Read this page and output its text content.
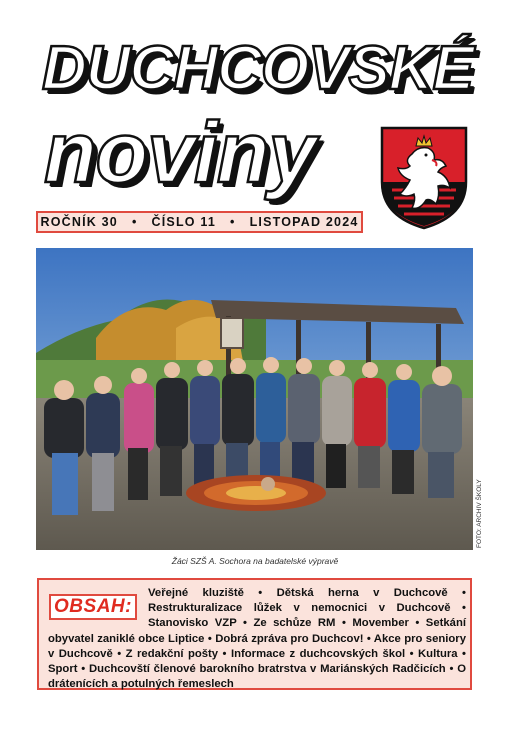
DUCHCOVSKÉ
noviny
ROČNÍK 30 • ČÍSLO 11 • LISTOPAD 2024
FOTO: ARCHIV ŠKOLY
Žáci SZŠ A. Sochora na badatelské výpravě
Veřejné kluziště • Dětská herna v Duchcově • Restrukturalizace lůžek v nemocnici v Duchcově • Stanovisko VZP • Ze schůze RM • Movember • Setkání obyvatel zaniklé obce Liptice • Dobrá zpráva pro Duchcov! • Akce pro seniory v Duchcově • Z redakční pošty • Informace z duchcovských škol • Kultura • Sport • Duchcovští členové barokního bratrstva v Mariánských Radčicích • O drátenících a potulných řemeslech
OBSAH:
